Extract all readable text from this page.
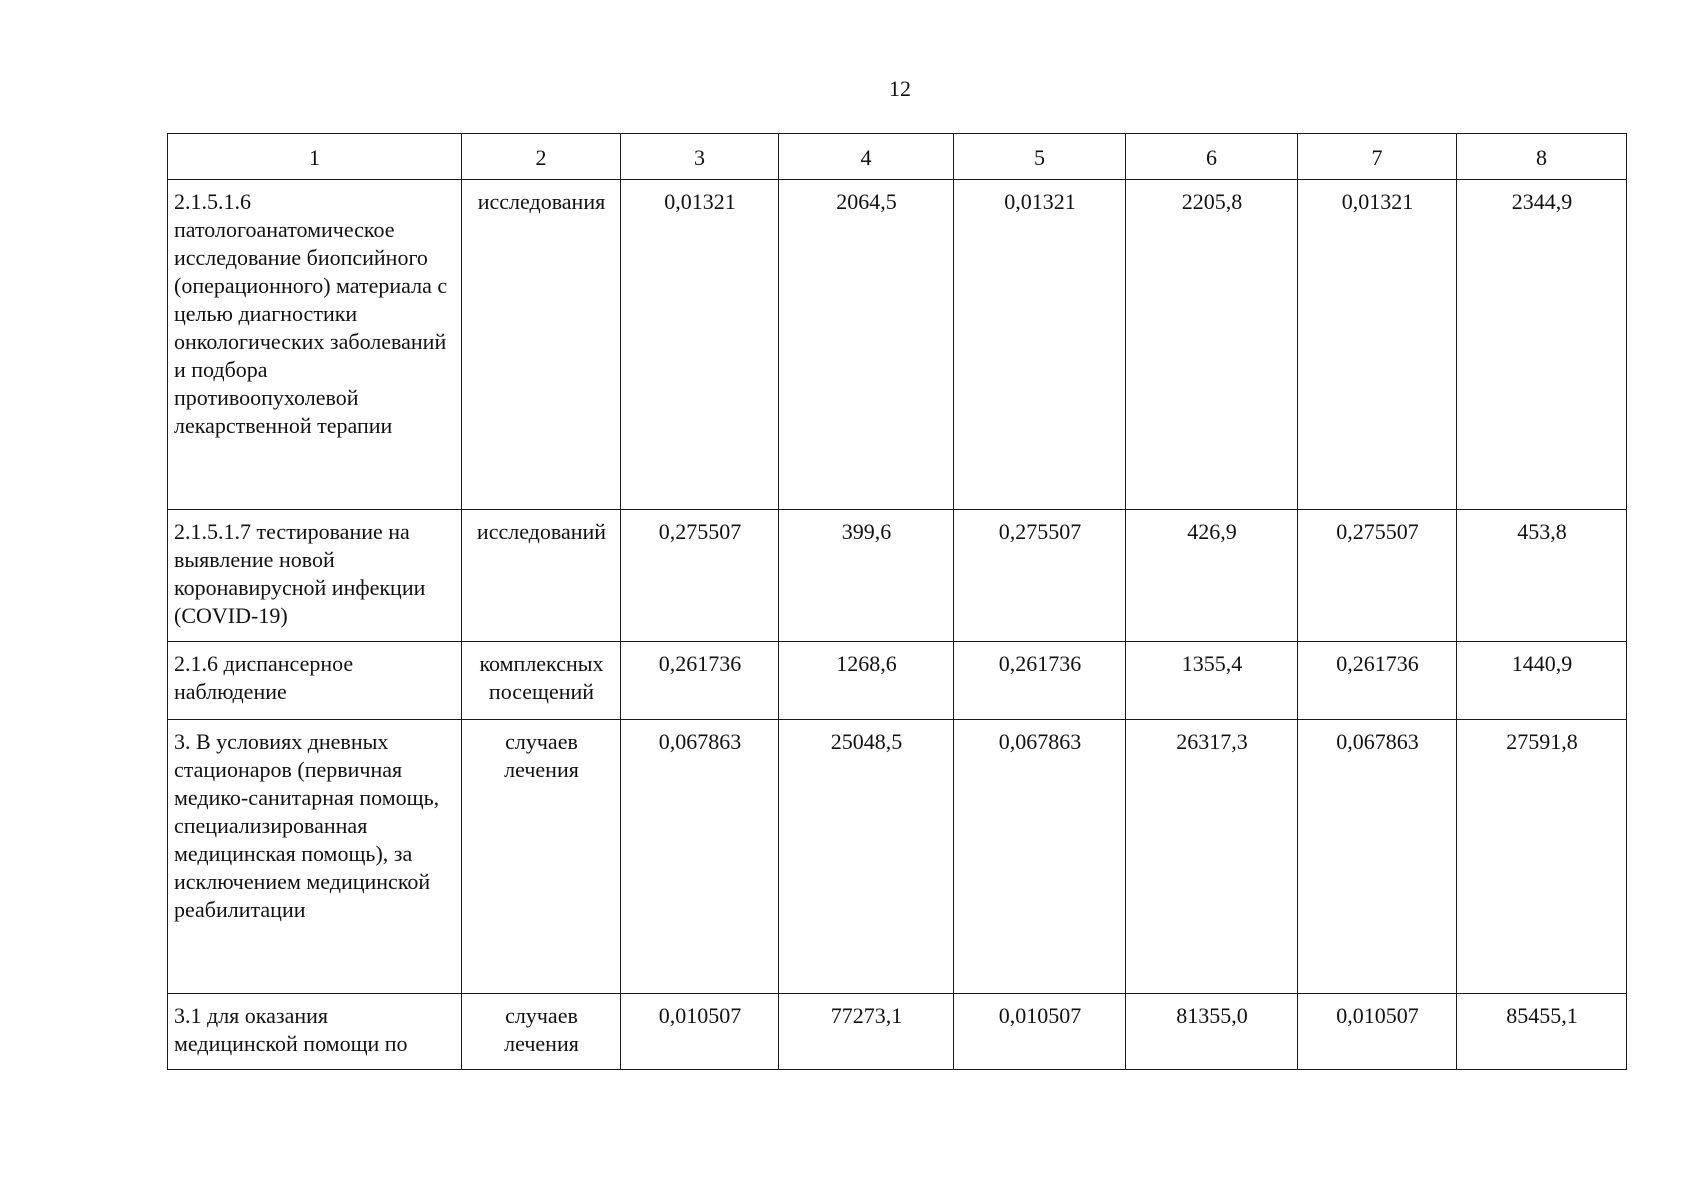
12
1	2	3	4	5	6	7	8
2.1.5.1.6 патологоанатомическое исследование биопсийного (операционного) материала с целью диагностики онкологических заболеваний и подбора противоопухолевой лекарственной терапии	исследования	0,01321	2064,5	0,01321	2205,8	0,01321	2344,9
2.1.5.1.7 тестирование на выявление новой коронавирусной инфекции (COVID-19)	исследований	0,275507	399,6	0,275507	426,9	0,275507	453,8
2.1.6 диспансерное наблюдение	комплексных посещений	0,261736	1268,6	0,261736	1355,4	0,261736	1440,9
3. В условиях дневных стационаров (первичная медико-санитарная помощь, специализированная медицинская помощь), за исключением медицинской реабилитации	случаев лечения	0,067863	25048,5	0,067863	26317,3	0,067863	27591,8
3.1 для оказания медицинской помощи по	случаев лечения	0,010507	77273,1	0,010507	81355,0	0,010507	85455,1
